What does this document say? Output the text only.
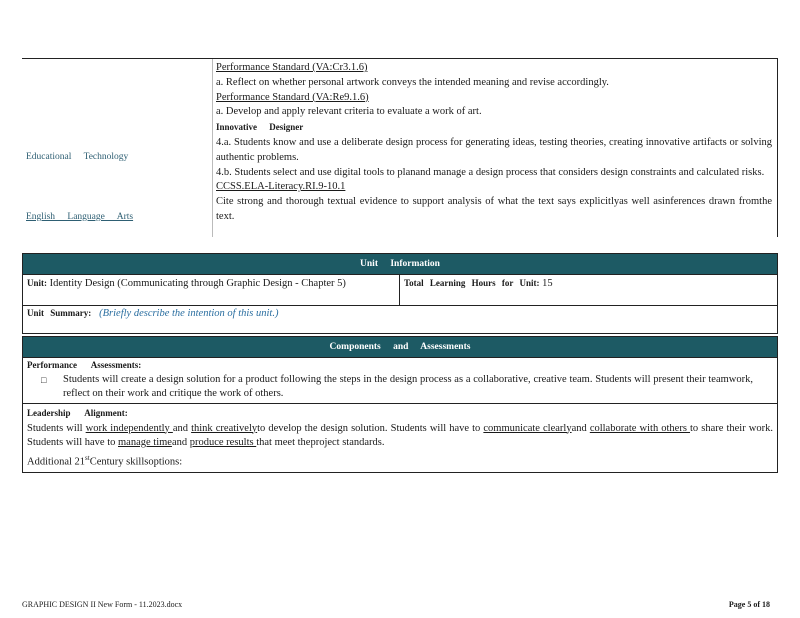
Educational Technology
English Language Arts

Performance Standard (VA:Cr3.1.6)

a. Reflect on whether personal artwork conveys the intended meaning and revise accordingly.

Performance Standard (VA:Re9.1.6)

a. Develop and apply relevant criteria to evaluate a work of art.

Innovative Designer

4.a. Students know and use a deliberate design process for generating ideas, testing theories, creating innovative artifacts or solving authentic problems.

4.b. Students select and use digital tools to planand manage a design process that considers design constraints and calculated risks.

CCSS.ELA-Literacy.RI.9-10.1

Cite strong and thorough textual evidence to support analysis of what the text says explicitlyas well asinferences drawn fromthe text.

Unit Information
Unit: Identity Design (Communicating through Graphic Design - Chapter 5)	Total Learning Hours for Unit: 15
Unit Summary: (Briefly describe the intention of this unit.)
Components and Assessments
Performance Assessments:
□ Students will create a design solution for a product following the steps in the design process as a collaborative, creative team. Students will present their teamwork, reflect on their work and critique the work of others.
Leadership Alignment:

Students will work independently and think creativelyto develop the design solution. Students will have to communicate clearlyand collaborate with others to share their work. Students will have to manage timeand produce results that meet theproject standards.

Additional 21stCentury skillsoptions:

GRAPHIC DESIGN II New Form - 11.2023.docx	Page 5 of 18
